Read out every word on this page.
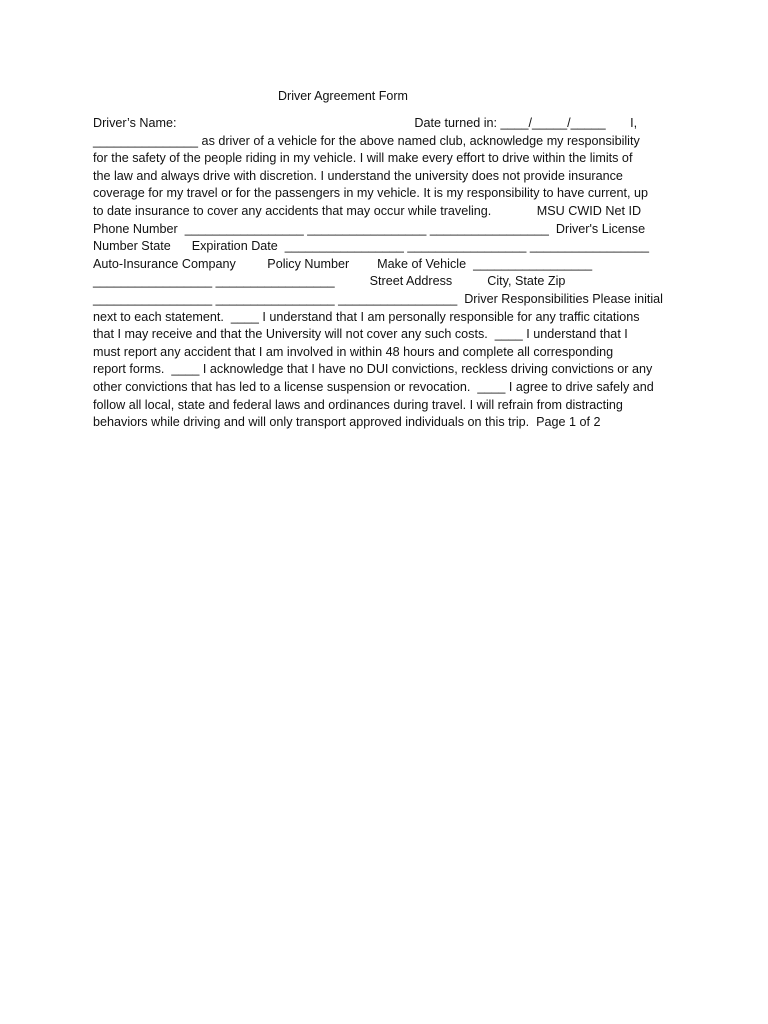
Driver Agreement Form
Driver’s Name:                                                                    Date turned in: ____/_____/_____       I,
_______________ as driver of a vehicle for the above named club, acknowledge my responsibility
for the safety of the people riding in my vehicle. I will make every effort to drive within the limits of
the law and always drive with discretion. I understand the university does not provide insurance
coverage for my travel or for the passengers in my vehicle. It is my responsibility to have current, up
to date insurance to cover any accidents that may occur while traveling.             MSU CWID Net ID
Phone Number  _________________ _________________ _________________  Driver's License
Number State      Expiration Date  _________________ _________________ _________________
Auto-Insurance Company         Policy Number        Make of Vehicle  _________________
_________________ _________________          Street Address          City, State Zip
_________________ _________________ _________________  Driver Responsibilities Please initial
next to each statement.  ____ I understand that I am personally responsible for any traffic citations
that I may receive and that the University will not cover any such costs.  ____ I understand that I
must report any accident that I am involved in within 48 hours and complete all corresponding
report forms.  ____ I acknowledge that I have no DUI convictions, reckless driving convictions or any
other convictions that has led to a license suspension or revocation.  ____ I agree to drive safely and
follow all local, state and federal laws and ordinances during travel. I will refrain from distracting
behaviors while driving and will only transport approved individuals on this trip.  Page 1 of 2
